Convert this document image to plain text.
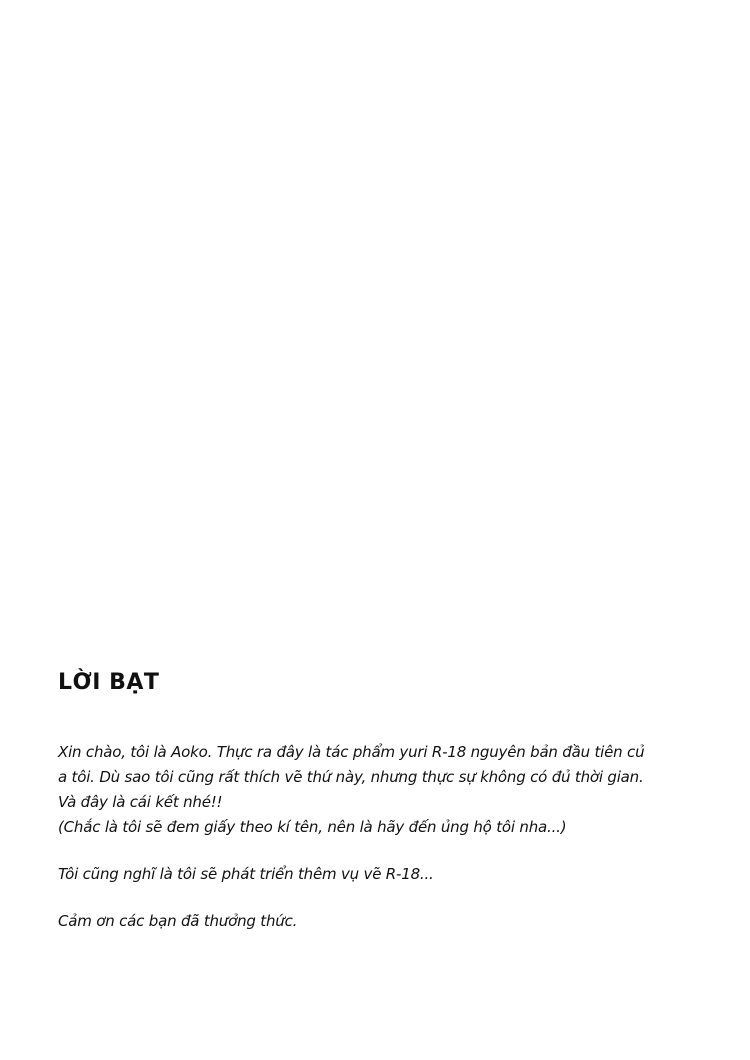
LỜI BẠT

Xin chào, tôi là Aoko. Thực ra đây là tác phẩm yuri R-18 nguyên bản đầu tiên củ
a tôi. Dù sao tôi cũng rất thích vẽ thứ này, nhưng thực sự không có đủ thời gian.
Và đây là cái kết nhé!!
(Chắc là tôi sẽ đem giấy theo kí tên, nên là hãy đến ủng hộ tôi nha...)

Tôi cũng nghĩ là tôi sẽ phát triển thêm vụ vẽ R-18...

Cảm ơn các bạn đã thưởng thức.
